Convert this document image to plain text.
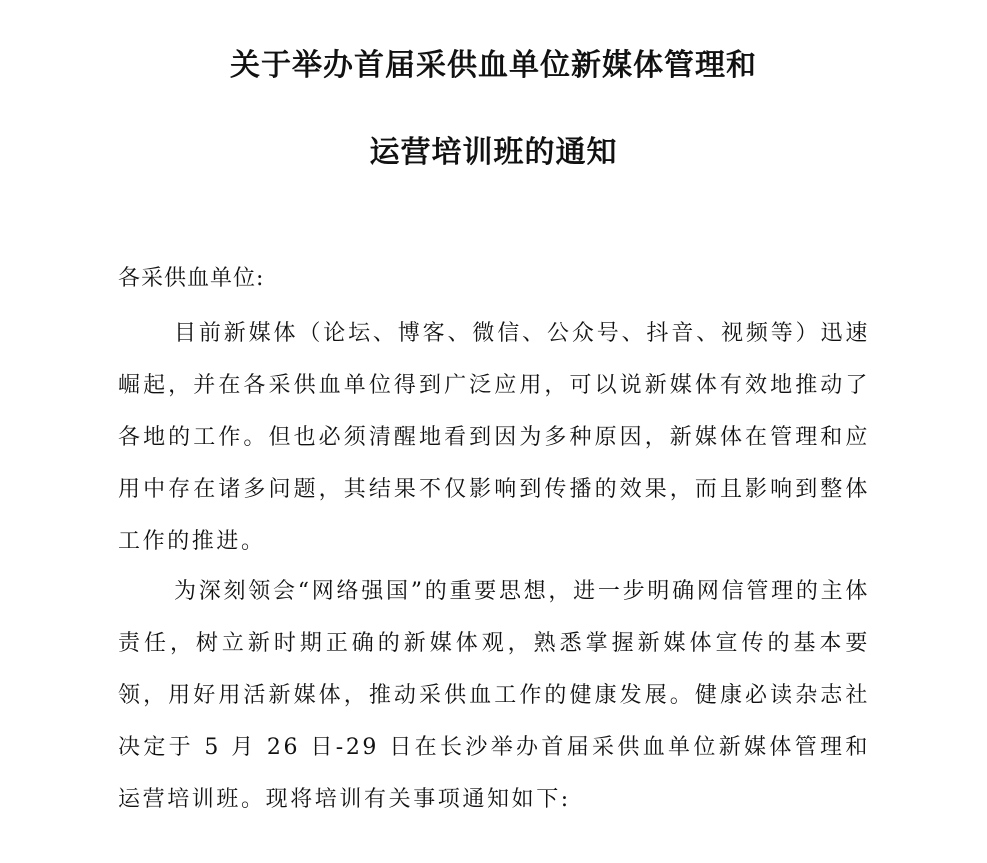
关于举办首届采供血单位新媒体管理和
运营培训班的通知

各采供血单位:

目前新媒体（论坛、博客、微信、公众号、抖音、视频等）迅速崛起，并在各采供血单位得到广泛应用，可以说新媒体有效地推动了各地的工作。但也必须清醒地看到因为多种原因，新媒体在管理和应用中存在诸多问题，其结果不仅影响到传播的效果，而且影响到整体工作的推进。

为深刻领会“网络强国”的重要思想，进一步明确网信管理的主体责任，树立新时期正确的新媒体观，熟悉掌握新媒体宣传的基本要领，用好用活新媒体，推动采供血工作的健康发展。健康必读杂志社决定于 5 月 26 日-29 日在长沙举办首届采供血单位新媒体管理和运营培训班。现将培训有关事项通知如下:
